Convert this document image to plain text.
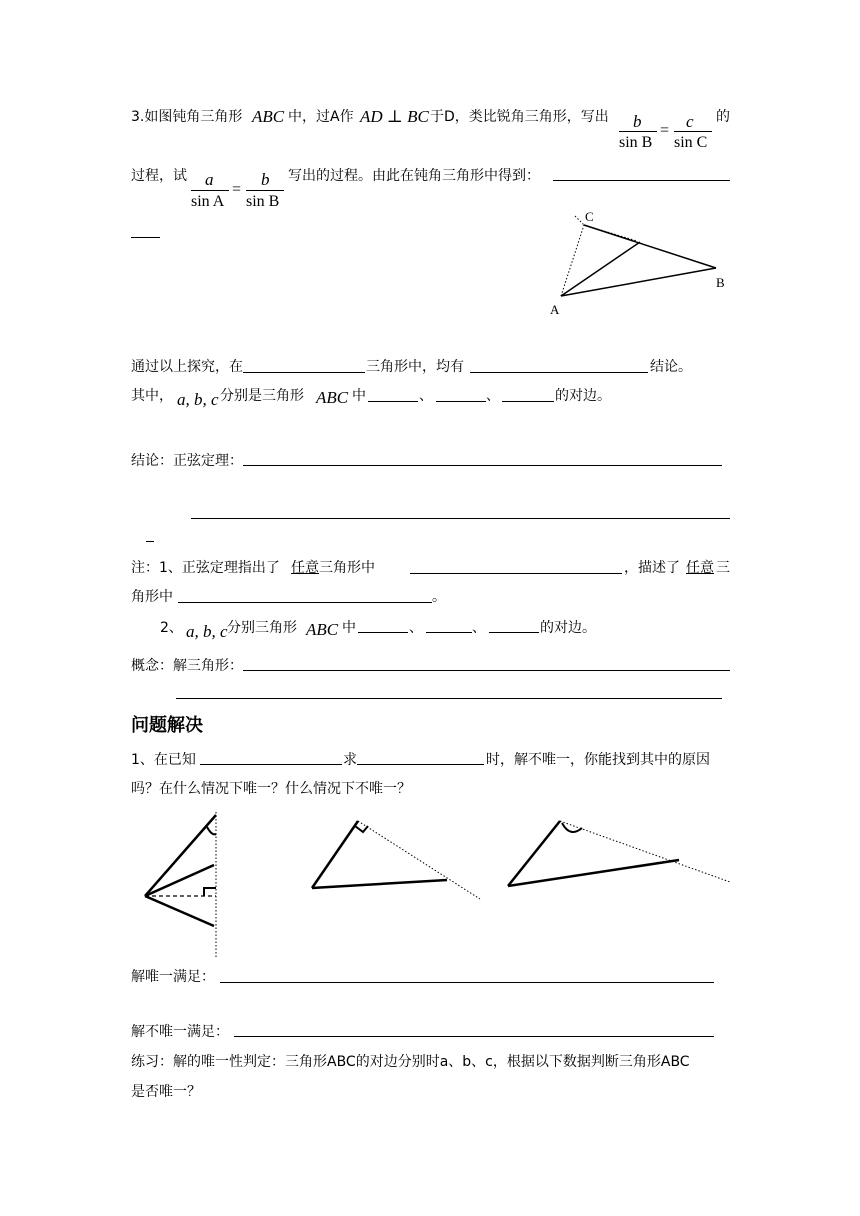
3.如图钝角三角形 ABC 中，过A作 AD ⊥ BC 于D，类比锐角三角形，写出 b
sin B
= c
sin C
的
过程，试 a
sin A
=
b
sin B
写出的过程。由此在钝角三角形中得到：
C
B
A
通过以上探究，在	三角形中，均有	结论。
其中， a, b, c 分别是三角形 ABC 中	、	、	的对边。
结论：正弦定理：
注：1、正弦定理指出了 任意 三角形中	，描述了 任意 三
角形中	。
2、 a, b, c 分别三角形 ABC 中	、	、	的对边。
概念：解三角形：
问题解决
1、在已知	求	时，解不唯一，你能找到其中的原因
吗？在什么情况下唯一？什么情况下不唯一？
解唯一满足：
解不唯一满足：
练习：解的唯一性判定：三角形ABC的对边分别时a、b、c，根据以下数据判断三角形ABC
是否唯一？
